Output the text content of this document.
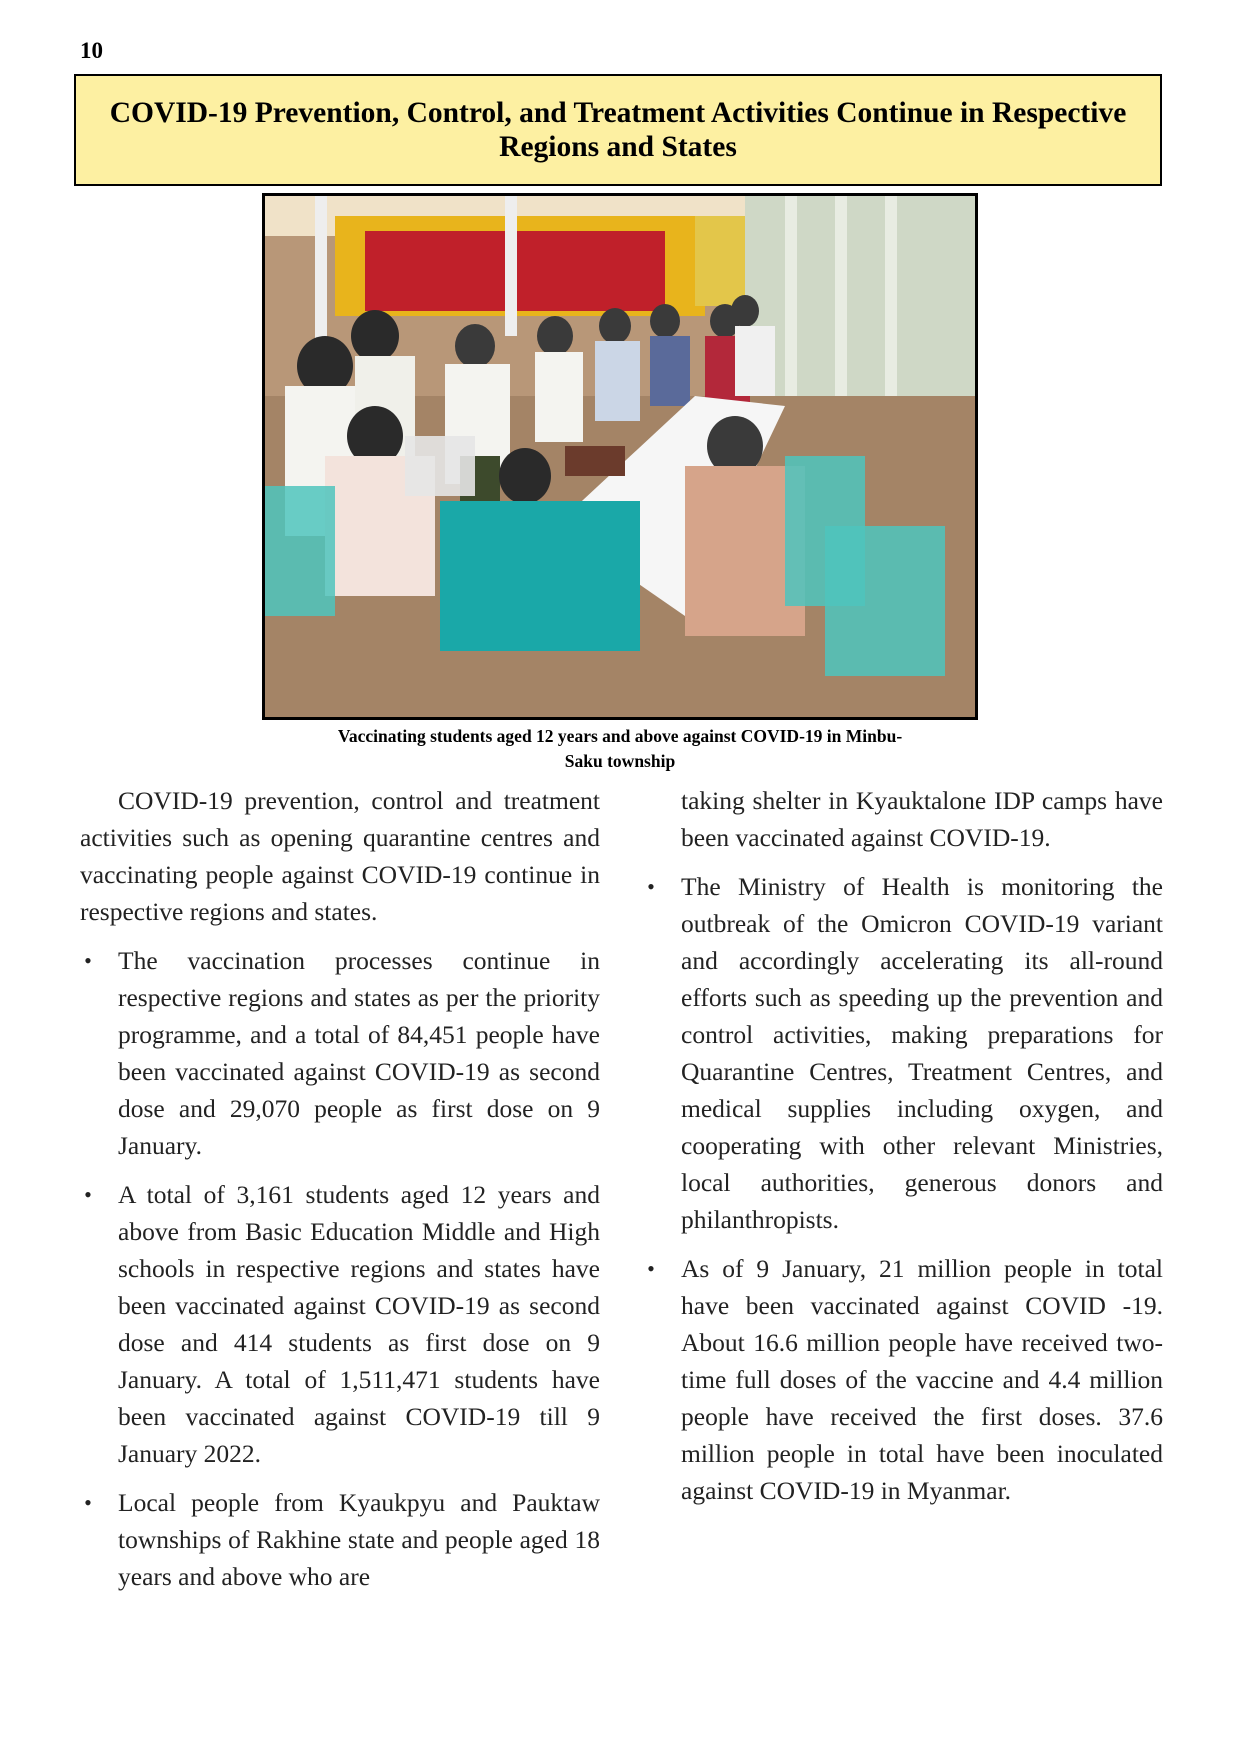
10
COVID-19 Prevention, Control, and Treatment Activities Continue in Respective Regions and States
Vaccinating students aged 12 years and above against COVID-19 in Minbu-
Saku township

COVID-19 prevention, control and treatment activities such as opening quarantine centres and vaccinating people against COVID-19 continue in respective regions and states.

• The vaccination processes continue in respective regions and states as per the priority programme, and a total of 84,451 people have been vaccinated against COVID-19 as second dose and 29,070 people as first dose on 9 January.
• A total of 3,161 students aged 12 years and above from Basic Education Middle and High schools in respective regions and states have been vaccinated against COVID-19 as second dose and 414 students as first dose on 9 January. A total of 1,511,471 students have been vaccinated against COVID-19 till 9 January 2022.
• Local people from Kyaukpyu and Pauktaw townships of Rakhine state and people aged 18 years and above who are

taking shelter in Kyauktalone IDP camps have been vaccinated against COVID-19.

• The Ministry of Health is monitoring the outbreak of the Omicron COVID-19 variant and accordingly accelerating its all-round efforts such as speeding up the prevention and control activities, making preparations for Quarantine Centres, Treatment Centres, and medical supplies including oxygen, and cooperating with other relevant Ministries, local authorities, generous donors and philanthropists.
• As of 9 January, 21 million people in total have been vaccinated against COVID -19. About 16.6 million people have received two-time full doses of the vaccine and 4.4 million people have received the first doses. 37.6 million people in total have been inoculated against COVID-19 in Myanmar.
